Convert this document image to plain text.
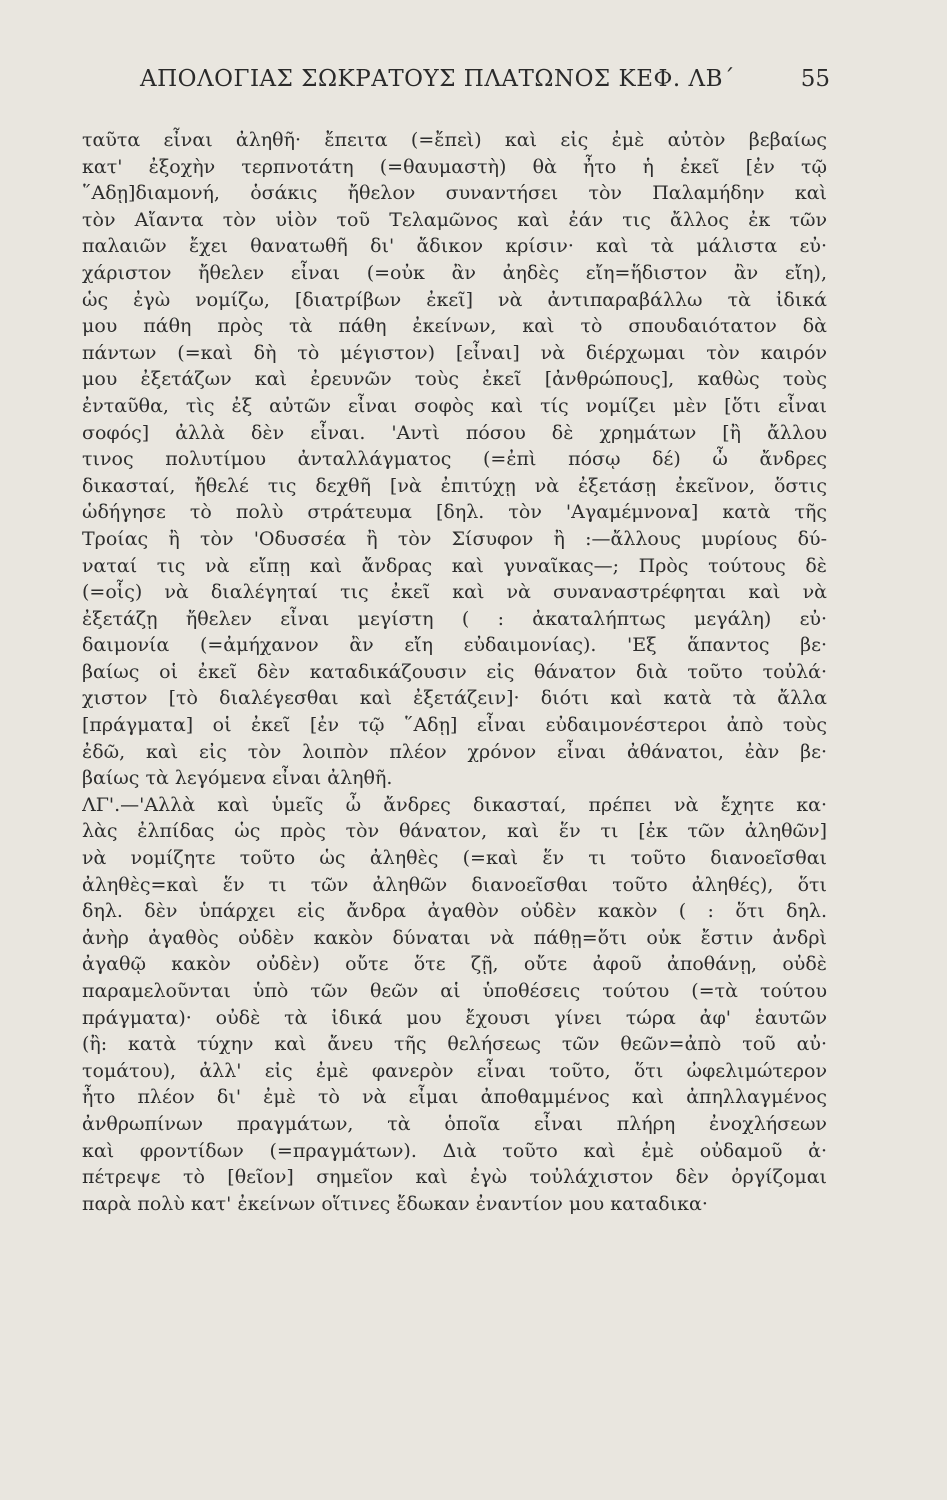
ΑΠΟΛΟΓΙΑΣ ΣΩΚΡΑΤΟΥΣ ΠΛΑΤΩΝΟΣ ΚΕΦ. ΛΒ΄	55
ταῦτα εἶναι ἀληθῆ· ἔπειτα (=ἔπεὶ) καὶ εἰς ἐμὲ αὐτὸν βεβαίως
κατ' ἐξοχὴν τερπνοτάτη (=θαυμαστὴ) θὰ ἦτο ἡ ἐκεῖ [ἐν τῷ
῞Αδῃ]διαμονή, ὁσάκις ἤθελον συναντήσει τὸν Παλαμήδην καὶ
τὸν Αἴαντα τὸν υἱὸν τοῦ Τελαμῶνος καὶ ἐάν τις ἄλλος ἐκ τῶν
παλαιῶν ἔχει θανατωθῆ δι' ἄδικον κρίσιν· καὶ τὰ μάλιστα εὐ·
χάριστον ἤθελεν εἶναι (=οὐκ ἂν ἀηδὲς εἴη=ἥδιστον ἂν εἴη),
ὡς ἐγὼ νομίζω, [διατρίβων ἐκεῖ] νὰ ἀντιπαραβάλλω τὰ ἰδικά
μου πάθη πρὸς τὰ πάθη ἐκείνων, καὶ τὸ σπουδαιότατον δὰ
πάντων (=καὶ δὴ τὸ μέγιστον) [εἶναι] νὰ διέρχωμαι τὸν καιρόν
μου ἐξετάζων καὶ ἐρευνῶν τοὺς ἐκεῖ [ἀνθρώπους], καθὼς τοὺς
ἐνταῦθα, τὶς ἐξ αὐτῶν εἶναι σοφὸς καὶ τίς νομίζει μὲν [ὅτι εἶναι
σοφός] ἀλλὰ δὲν εἶναι. 'Αντὶ πόσου δὲ χρημάτων [ἢ ἄλλου
τινος πολυτίμου ἀνταλλάγματος (=ἐπὶ πόσῳ δέ) ὦ ἄνδρες
δικασταί, ἤθελέ τις δεχθῆ [νὰ ἐπιτύχῃ νὰ ἐξετάσῃ ἐκεῖνον, ὅστις
ὡδήγησε τὸ πολὺ στράτευμα [δηλ. τὸν 'Αγαμέμνονα] κατὰ τῆς
Τροίας ἢ τὸν 'Οδυσσέα ἢ τὸν Σίσυφον ἢ :—ἄλλους μυρίους δύ-
ναταί τις νὰ εἴπῃ καὶ ἄνδρας καὶ γυναῖκας—; Πρὸς τούτους δὲ
(=οἷς) νὰ διαλέγηταί τις ἐκεῖ καὶ νὰ συναναστρέφηται καὶ νὰ
ἐξετάζῃ ἤθελεν εἶναι μεγίστη ( : ἀκαταλήπτως μεγάλη) εὐ·
δαιμονία (=ἀμήχανον ἂν εἴη εὐδαιμονίας). 'Εξ ἅπαντος βε·
βαίως οἱ ἐκεῖ δὲν καταδικάζουσιν εἰς θάνατον διὰ τοῦτο τοὐλά·
χιστον [τὸ διαλέγεσθαι καὶ ἐξετάζειν]· διότι καὶ κατὰ τὰ ἄλλα
[πράγματα] οἱ ἐκεῖ [ἐν τῷ ῞Αδῃ] εἶναι εὐδαιμονέστεροι ἀπὸ τοὺς
ἐδῶ, καὶ εἰς τὸν λοιπὸν πλέον χρόνον εἶναι ἀθάνατοι, ἐὰν βε·
βαίως τὰ λεγόμενα εἶναι ἀληθῆ.
ΛΓ'.—'Αλλὰ καὶ ὑμεῖς ὦ ἄνδρες δικασταί, πρέπει νὰ ἔχητε κα·
λὰς ἐλπίδας ὡς πρὸς τὸν θάνατον, καὶ ἕν τι [ἐκ τῶν ἀληθῶν]
νὰ νομίζητε τοῦτο ὡς ἀληθὲς (=καὶ ἕν τι τοῦτο διανοεῖσθαι
ἀληθὲς=καὶ ἕν τι τῶν ἀληθῶν διανοεῖσθαι τοῦτο ἀληθές), ὅτι
δηλ. δὲν ὑπάρχει εἰς ἄνδρα ἀγαθὸν οὐδὲν κακὸν ( : ὅτι δηλ.
ἀνὴρ ἀγαθὸς οὐδὲν κακὸν δύναται νὰ πάθῃ=ὅτι οὐκ ἔστιν ἀνδρὶ
ἀγαθῷ κακὸν οὐδὲν) οὔτε ὅτε ζῇ, οὔτε ἀφοῦ ἀποθάνῃ, οὐδὲ
παραμελοῦνται ὑπὸ τῶν θεῶν αἱ ὑποθέσεις τούτου (=τὰ τούτου
πράγματα)· οὐδὲ τὰ ἰδικά μου ἔχουσι γίνει τώρα ἀφ' ἑαυτῶν
(ἢ: κατὰ τύχην καὶ ἄνευ τῆς θελήσεως τῶν θεῶν=ἀπὸ τοῦ αὐ·
τομάτου), ἀλλ' εἰς ἐμὲ φανερὸν εἶναι τοῦτο, ὅτι ὠφελιμώτερον
ἦτο πλέον δι' ἐμὲ τὸ νὰ εἶμαι ἀποθαμμένος καὶ ἀπηλλαγμένος
ἀνθρωπίνων πραγμάτων, τὰ ὁποῖα εἶναι πλήρη ἐνοχλήσεων
καὶ φροντίδων (=πραγμάτων). Διὰ τοῦτο καὶ ἐμὲ οὐδαμοῦ ἀ·
πέτρεψε τὸ [θεῖον] σημεῖον καὶ ἐγὼ τοὐλάχιστον δὲν ὀργίζομαι
παρὰ πολὺ κατ' ἐκείνων οἵτινες ἔδωκαν ἐναντίον μου καταδικα·
